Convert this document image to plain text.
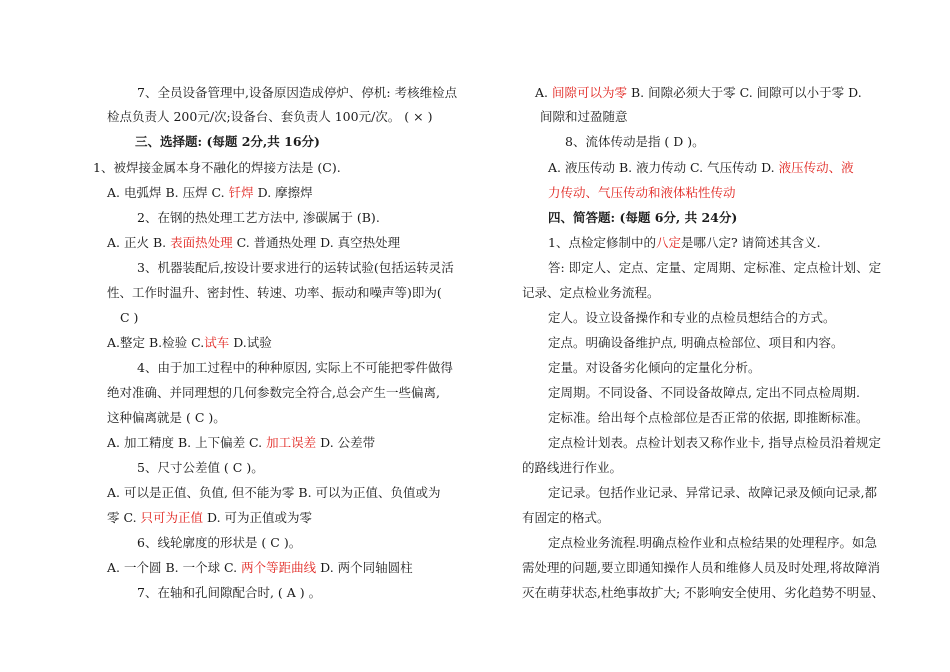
7、全员设备管理中,设备原因造成停炉、停机: 考核维检点
检点负责人 200元/次;设备台、套负责人 100元/次。 ( × )
三、选择题: (每题 2分,共 16分)
1、被焊接金属本身不融化的焊接方法是 (C).
A. 电弧焊 B. 压焊 C. 钎焊 D. 摩擦焊
2、在钢的热处理工艺方法中, 渗碳属于 (B).
A. 正火 B. 表面热处理 C. 普通热处理 D. 真空热处理
3、机器装配后,按设计要求进行的运转试验(包括运转灵活
性、工作时温升、密封性、转速、功率、振动和噪声等)即为(
C )
A.整定 B.检验 C.试车 D.试验
4、由于加工过程中的种种原因, 实际上不可能把零件做得
绝对准确、并同理想的几何参数完全符合,总会产生一些偏离,
这种偏离就是 ( C )。
A. 加工精度 B. 上下偏差 C. 加工误差 D. 公差带
5、尺寸公差值 ( C )。
A. 可以是正值、负值, 但不能为零 B. 可以为正值、负值或为
零 C. 只可为正值 D. 可为正值或为零
6、线轮廓度的形状是 ( C )。
A. 一个圆 B. 一个球 C. 两个等距曲线 D. 两个同轴圆柱
7、在轴和孔间隙配合时, ( A ) 。
A. 间隙可以为零 B. 间隙必须大于零 C. 间隙可以小于零 D.
间隙和过盈随意
8、流体传动是指 ( D )。
A. 液压传动 B. 液力传动 C. 气压传动 D. 液压传动、液
力传动、气压传动和液体粘性传动
四、简答题: (每题 6分, 共 24分)
1、点检定修制中的八定是哪八定? 请简述其含义.
答: 即定人、定点、定量、定周期、定标准、定点检计划、定
记录、定点检业务流程。
定人。设立设备操作和专业的点检员想结合的方式。
定点。明确设备维护点, 明确点检部位、项目和内容。
定量。对设备劣化倾向的定量化分析。
定周期。不同设备、不同设备故障点, 定出不同点检周期.
定标准。给出每个点检部位是否正常的依据, 即推断标准。
定点检计划表。点检计划表又称作业卡, 指导点检员沿着规定
的路线进行作业。
定记录。包括作业记录、异常记录、故障记录及倾向记录,都
有固定的格式。
定点检业务流程.明确点检作业和点检结果的处理程序。如急
需处理的问题,要立即通知操作人员和维修人员及时处理,将故障消
灭在萌芽状态,杜绝事故扩大; 不影响安全使用、劣化趋势不明显、
